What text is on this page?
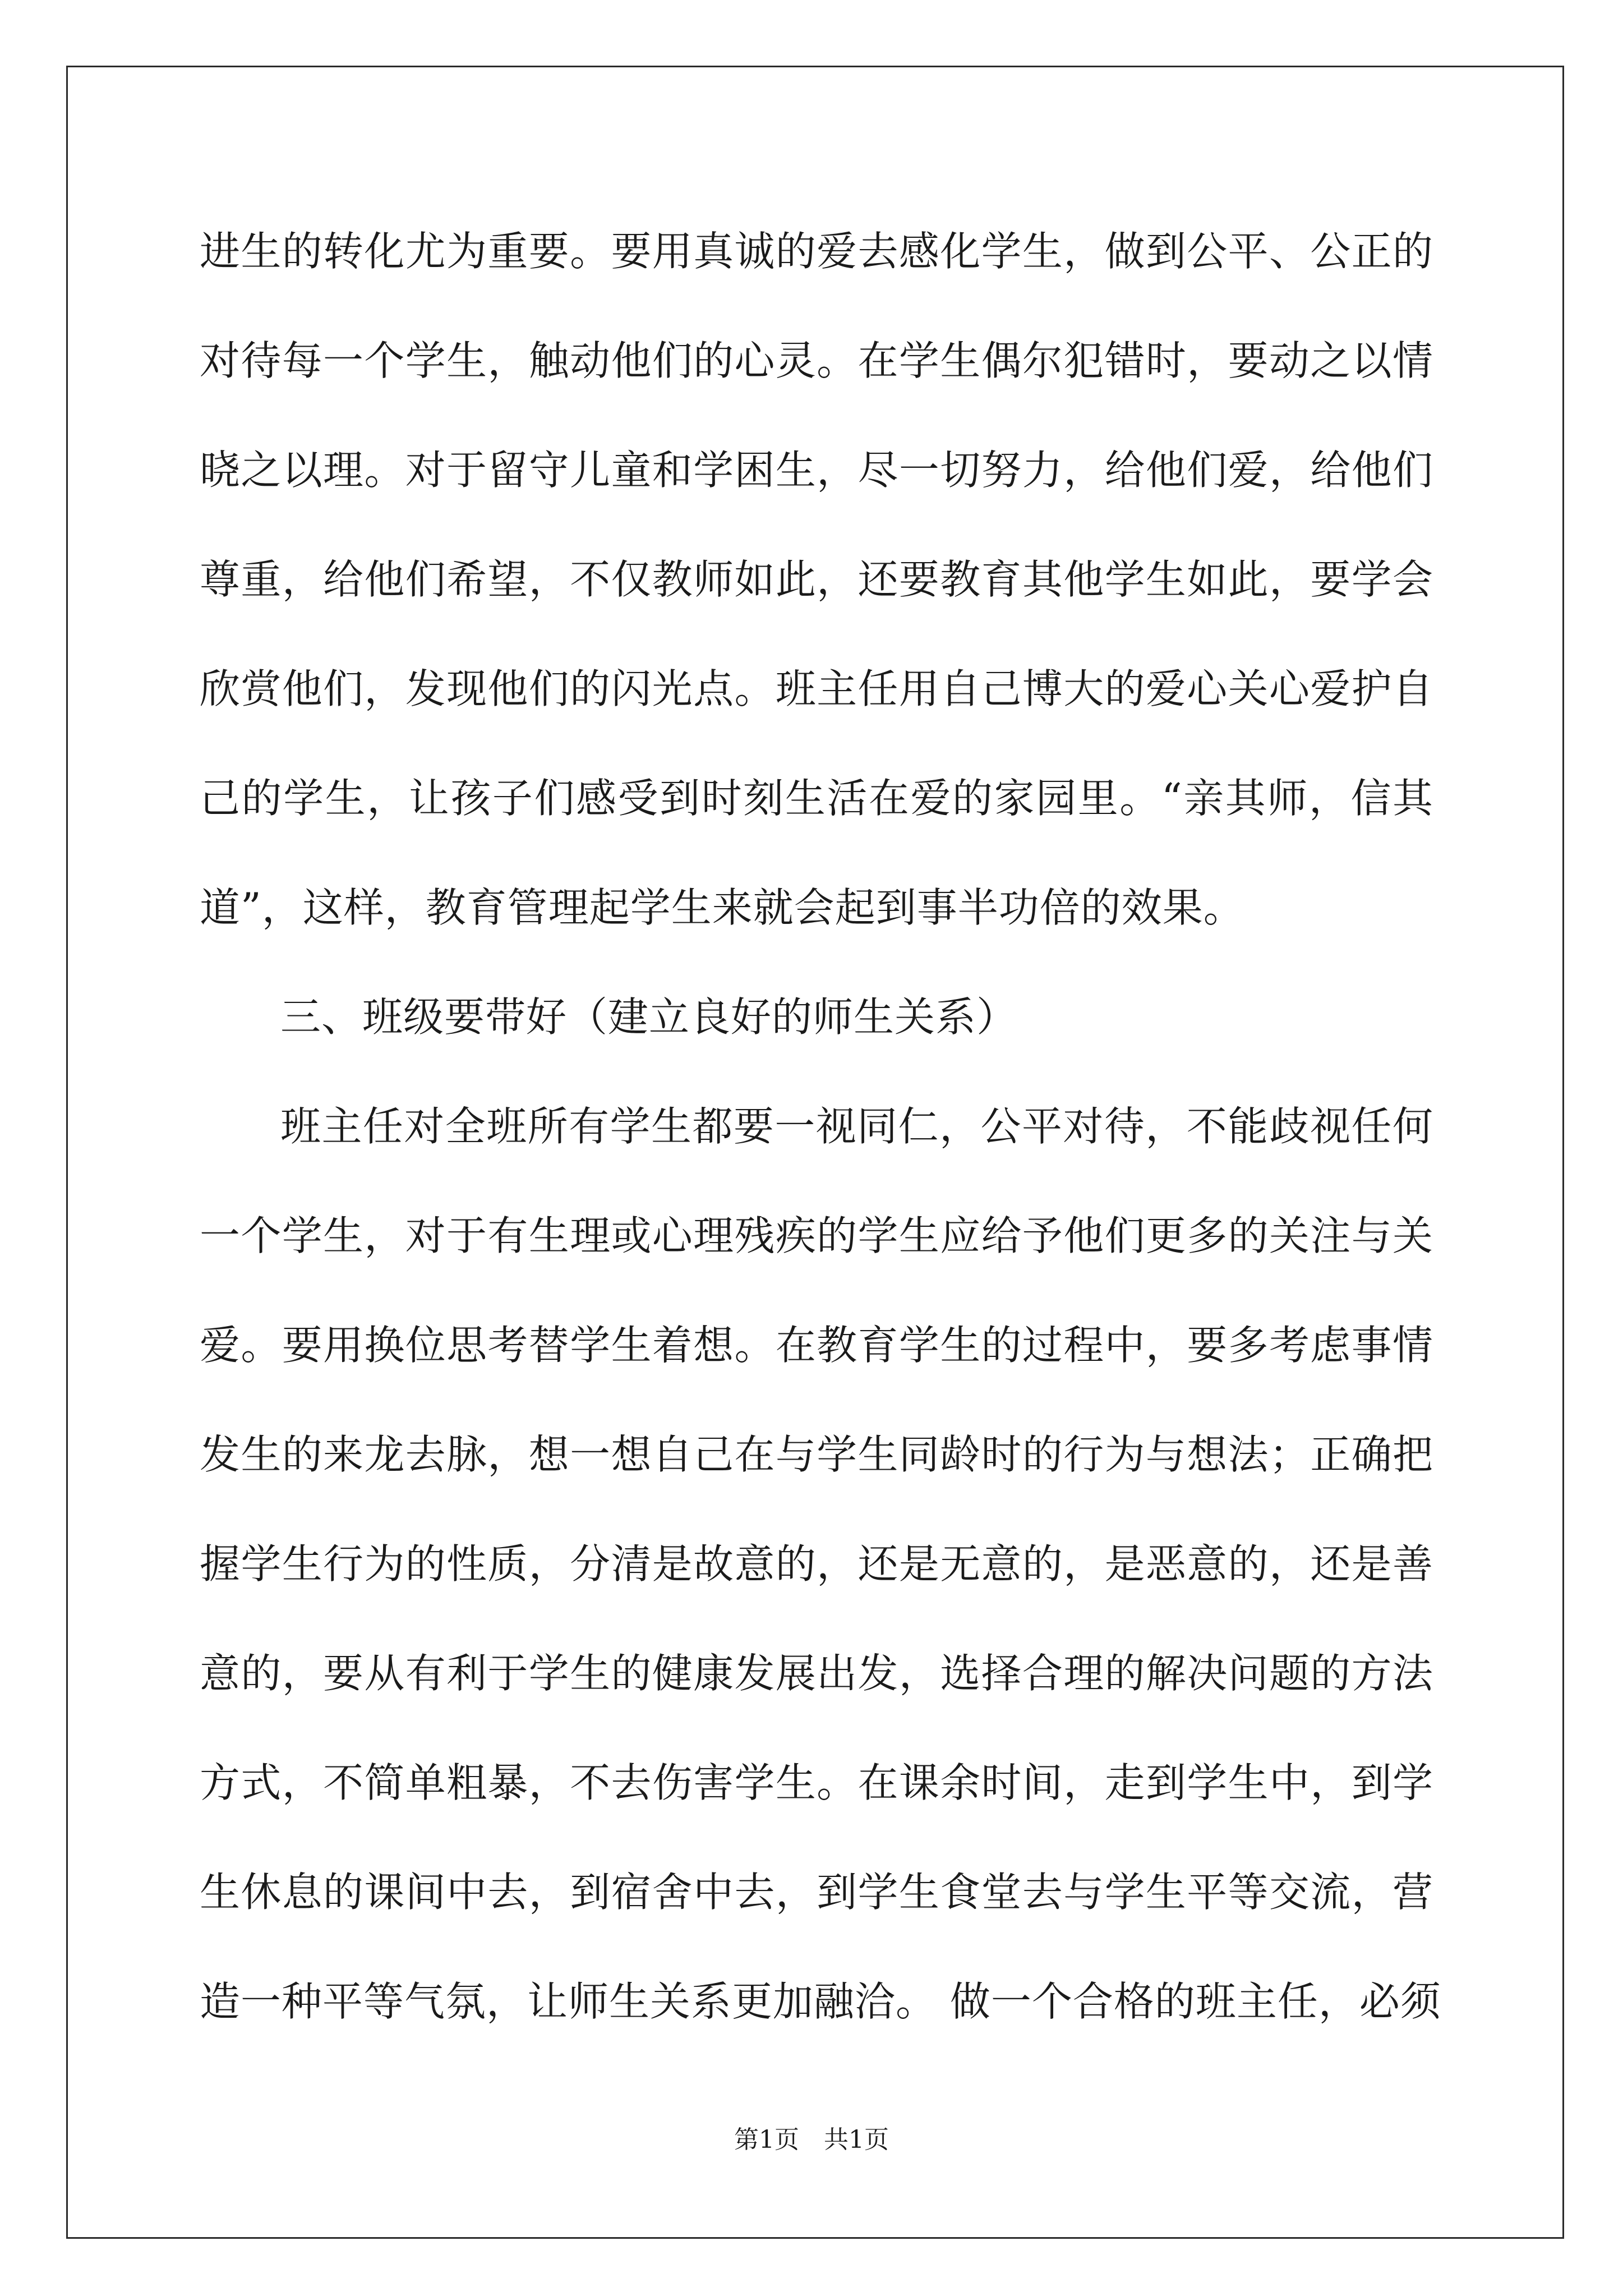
进生的转化尤为重要。要用真诚的爱去感化学生，做到公平、公正的
对待每一个学生，触动他们的心灵。在学生偶尔犯错时，要动之以情
晓之以理。对于留守儿童和学困生，尽一切努力，给他们爱，给他们
尊重，给他们希望，不仅教师如此，还要教育其他学生如此，要学会
欣赏他们，发现他们的闪光点。班主任用自己博大的爱心关心爱护自
己的学生，让孩子们感受到时刻生活在爱的家园里。“亲其师，信其
道”，这样，教育管理起学生来就会起到事半功倍的效果。
三、班级要带好（建立良好的师生关系）
班主任对全班所有学生都要一视同仁，公平对待，不能歧视任何
一个学生，对于有生理或心理残疾的学生应给予他们更多的关注与关
爱。要用换位思考替学生着想。在教育学生的过程中，要多考虑事情
发生的来龙去脉，想一想自己在与学生同龄时的行为与想法；正确把
握学生行为的性质，分清是故意的，还是无意的，是恶意的，还是善
意的，要从有利于学生的健康发展出发，选择合理的解决问题的方法
方式，不简单粗暴，不去伤害学生。在课余时间，走到学生中，到学
生休息的课间中去，到宿舍中去，到学生食堂去与学生平等交流，营
造一种平等气氛，让师生关系更加融洽。 做一个合格的班主任，必须
第1页　共1页
